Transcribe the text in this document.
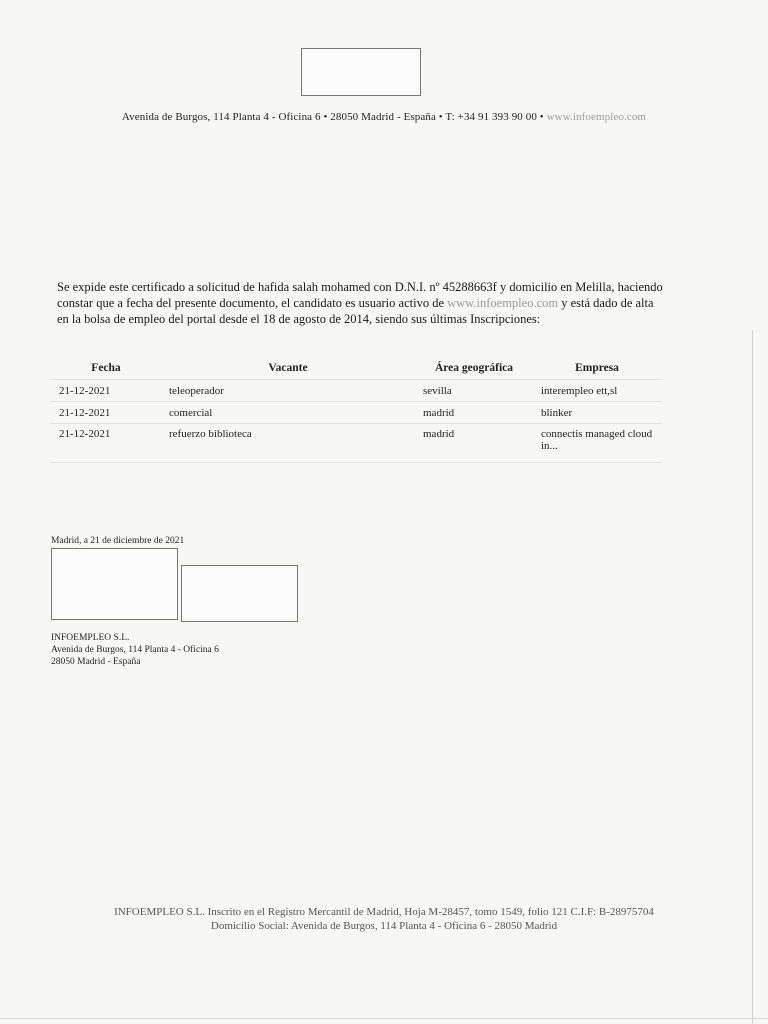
Avenida de Burgos, 114 Planta 4 - Oficina 6 • 28050 Madrid - España • T: +34 91 393 90 00 • www.infoempleo.com
Se expide este certificado a solicitud de hafida salah mohamed con D.N.I. nº 45288663f y domicilio en Melilla, haciendo constar que a fecha del presente documento, el candidato es usuario activo de www.infoempleo.com y está dado de alta en la bolsa de empleo del portal desde el 18 de agosto de 2014, siendo sus últimas Inscripciones:
Fecha	Vacante	Área geográfica	Empresa
21-12-2021	teleoperador	sevilla	interempleo ett,sl
21-12-2021	comercial	madrid	blinker
21-12-2021	refuerzo biblioteca	madrid	connectis managed cloud in...
Madrid, a 21 de diciembre de 2021
INFOEMPLEO S.L.
Avenida de Burgos, 114 Planta 4 - Oficina 6
28050 Madrid - España
INFOEMPLEO S.L. Inscrito en el Registro Mercantil de Madrid, Hoja M-28457, tomo 1549, folio 121 C.I.F: B-28975704
Domicilio Social: Avenida de Burgos, 114 Planta 4 - Oficina 6 - 28050 Madrid
